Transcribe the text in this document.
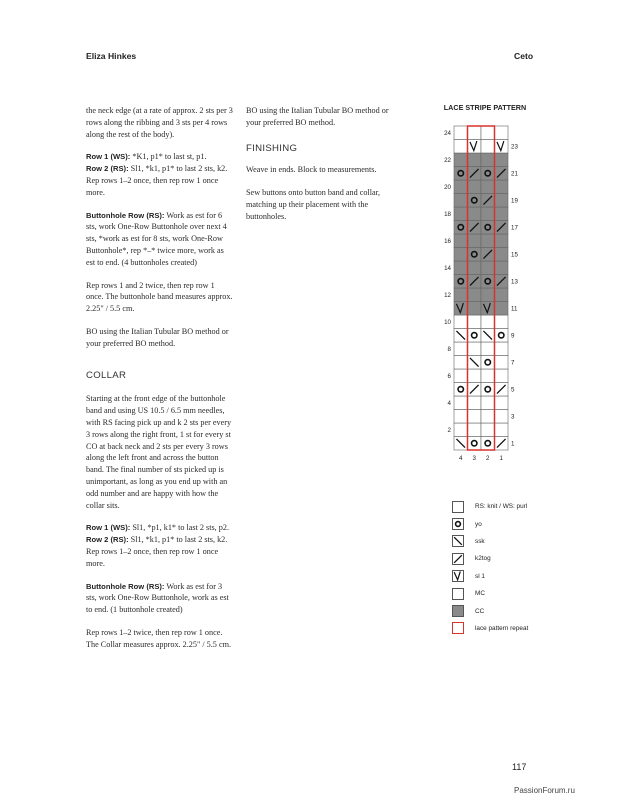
Eliza Hinkes	Ceto

the neck edge (at a rate of approx. 2 sts per 3 rows along the ribbing and 3 sts per 4 rows along the rest of the body).

Row 1 (WS): *K1, p1* to last st, p1.

Row 2 (RS): Sl1, *k1, p1* to last 2 sts, k2.

Rep rows 1–2 once, then rep row 1 once more.

Buttonhole Row (RS): Work as est for 6 sts, work One-Row Buttonhole over next 4 sts, *work as est for 8 sts, work One-Row Buttonhole*, rep *–* twice more, work as est to end. (4 buttonholes created)

Rep rows 1 and 2 twice, then rep row 1 once. The buttonhole band measures approx. 2.25" / 5.5 cm.

BO using the Italian Tubular BO method or your preferred BO method.

COLLAR

Starting at the front edge of the buttonhole band and using US 10.5 / 6.5 mm needles, with RS facing pick up and k 2 sts per every 3 rows along the right front, 1 st for every st CO at back neck and 2 sts per every 3 rows along the left front and across the button band. The final number of sts picked up is unimportant, as long as you end up with an odd number and are happy with how the collar sits.

Row 1 (WS): Sl1, *p1, k1* to last 2 sts, p2.

Row 2 (RS): Sl1, *k1, p1* to last 2 sts, k2.

Rep rows 1–2 once, then rep row 1 once more.

Buttonhole Row (RS): Work as est for 3 sts, work One-Row Buttonhole, work as est to end. (1 buttonhole created)

Rep rows 1–2 twice, then rep row 1 once. The Collar measures approx. 2.25" / 5.5 cm.

BO using the Italian Tubular BO method or your preferred BO method.

FINISHING

Weave in ends. Block to measurements.

Sew buttons onto button band and collar, matching up their placement with the buttonholes.

LACE STRIPE PATTERN
1
2
3
4
5
6
7
8
9
10
11
12
13
14
15
16
17
18
19
20
21
22
23
24
4 3 2 1
RS: knit / WS: purl
yo
ssk
k2tog
sl 1
MC
CC
lace pattern repeat
117
PassionForum.ru
